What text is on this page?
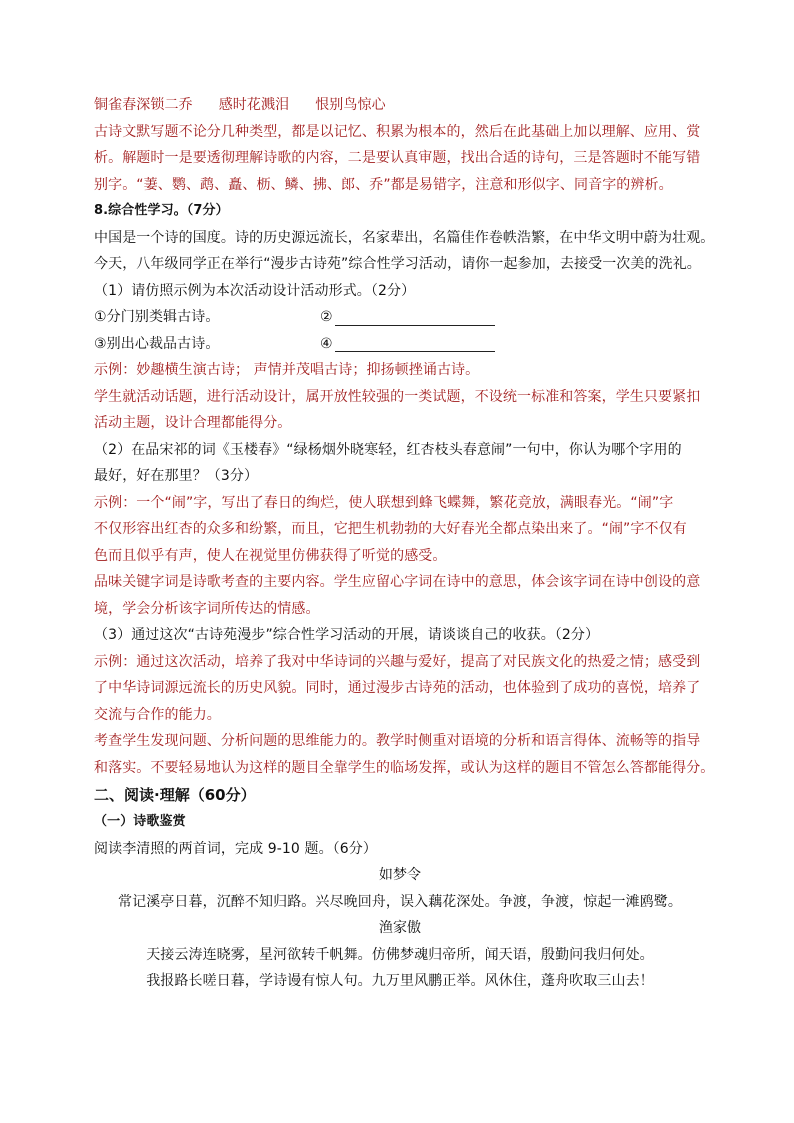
铜雀春深锁二乔 感时花溅泪 恨别鸟惊心
古诗文默写题不论分几种类型，都是以记忆、积累为根本的，然后在此基础上加以理解、应用、赏
析。解题时一是要透彻理解诗歌的内容，二是要认真审题，找出合适的诗句，三是答题时不能写错
别字。“萋、鹦、鹉、矗、枥、鳞、拂、郎、乔”都是易错字，注意和形似字、同音字的辨析。
8.综合性学习。（7分）
中国是一个诗的国度。诗的历史源远流长，名家辈出，名篇佳作卷帙浩繁，在中华文明中蔚为壮观。
今天，八年级同学正在举行“漫步古诗苑”综合性学习活动，请你一起参加，去接受一次美的洗礼。
（1）请仿照示例为本次活动设计活动形式。（2分）
①分门别类辑古诗。	②
③别出心裁品古诗。	④
示例：妙趣横生演古诗； 声情并茂唱古诗；抑扬顿挫诵古诗。
学生就活动话题，进行活动设计，属开放性较强的一类试题，不设统一标准和答案，学生只要紧扣
活动主题，设计合理都能得分。
（2）在品宋祁的词《玉楼春》“绿杨烟外晓寒轻，红杏枝头春意闹”一句中，你认为哪个字用的
最好，好在那里？（3分）
示例：一个“闹”字，写出了春日的绚烂，使人联想到蜂飞蝶舞，繁花竞放，满眼春光。“闹”字
不仅形容出红杏的众多和纷繁，而且，它把生机勃勃的大好春光全都点染出来了。“闹”字不仅有
色而且似乎有声，使人在视觉里仿佛获得了听觉的感受。
品味关键字词是诗歌考查的主要内容。学生应留心字词在诗中的意思，体会该字词在诗中创设的意
境，学会分析该字词所传达的情感。
（3）通过这次“古诗苑漫步”综合性学习活动的开展，请谈谈自己的收获。（2分）
示例：通过这次活动，培养了我对中华诗词的兴趣与爱好，提高了对民族文化的热爱之情；感受到
了中华诗词源远流长的历史风貌。同时，通过漫步古诗苑的活动，也体验到了成功的喜悦，培养了
交流与合作的能力。
考查学生发现问题、分析问题的思维能力的。教学时侧重对语境的分析和语言得体、流畅等的指导
和落实。不要轻易地认为这样的题目全靠学生的临场发挥，或认为这样的题目不管怎么答都能得分。
二、阅读·理解（60分）
（一）诗歌鉴赏
阅读李清照的两首词，完成 9-10 题。（6分）
如梦令
常记溪亭日暮，沉醉不知归路。兴尽晚回舟，误入藕花深处。争渡，争渡，惊起一滩鸥鹭。
渔家傲
天接云涛连晓雾，星河欲转千帆舞。仿佛梦魂归帝所，闻天语，殷勤问我归何处。
我报路长嗟日暮，学诗谩有惊人句。九万里风鹏正举。风休住，蓬舟吹取三山去！
